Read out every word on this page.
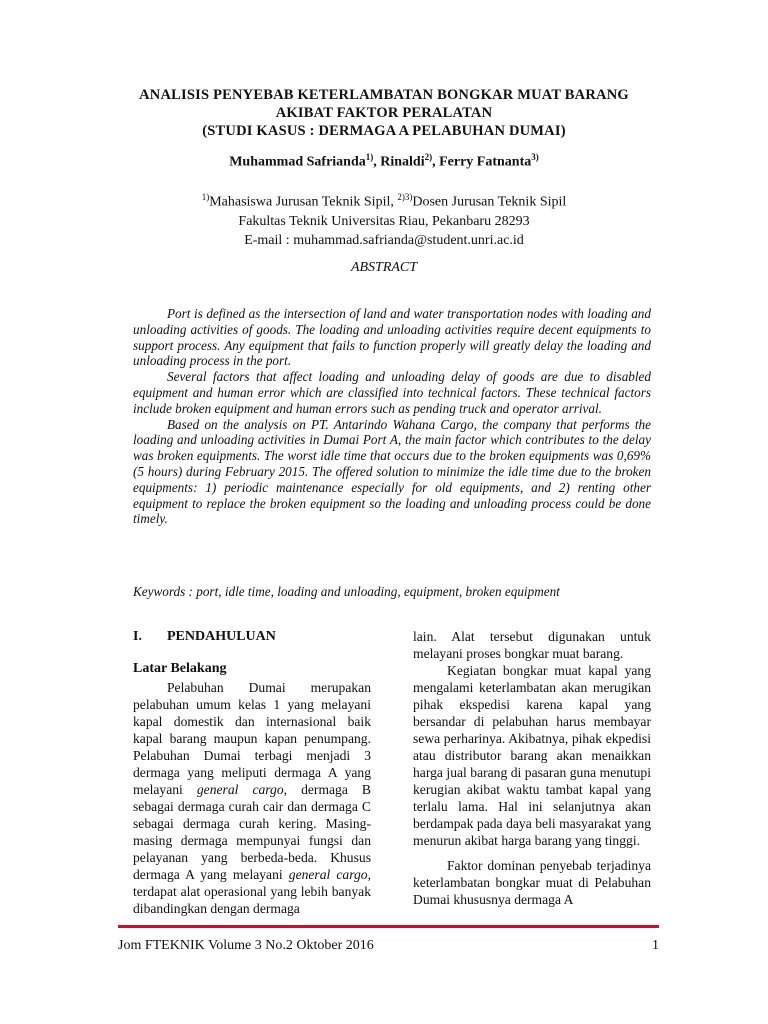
ANALISIS PENYEBAB KETERLAMBATAN BONGKAR MUAT BARANG
AKIBAT FAKTOR PERALATAN
(STUDI KASUS : DERMAGA A PELABUHAN DUMAI)
Muhammad Safrianda$^{1)}$, Rinaldi$^{2)}$, Ferry Fatnanta$^{3)}$
$^{1)}$Mahasiswa Jurusan Teknik Sipil, $^{2)3)}$Dosen Jurusan Teknik Sipil
Fakultas Teknik Universitas Riau, Pekanbaru 28293
E-mail : muhammad.safrianda@student.unri.ac.id
ABSTRACT

Port is defined as the intersection of land and water transportation nodes with loading and unloading activities of goods. The loading and unloading activities require decent equipments to support process. Any equipment that fails to function properly will greatly delay the loading and unloading process in the port.

Several factors that affect loading and unloading delay of goods are due to disabled equipment and human error which are classified into technical factors. These technical factors include broken equipment and human errors such as pending truck and operator arrival.

Based on the analysis on PT. Antarindo Wahana Cargo, the company that performs the loading and unloading activities in Dumai Port A, the main factor which contributes to the delay was broken equipments. The worst idle time that occurs due to the broken equipments was 0,69% (5 hours) during February 2015. The offered solution to minimize the idle time due to the broken equipments: 1) periodic maintenance especially for old equipments, and 2) renting other equipment to replace the broken equipment so the loading and unloading process could be done timely.

Keywords : port, idle time, loading and unloading, equipment, broken equipment
I.	PENDAHULUAN
Latar Belakang

Pelabuhan Dumai merupakan pelabuhan umum kelas 1 yang melayani kapal domestik dan internasional baik kapal barang maupun kapan penumpang. Pelabuhan Dumai terbagi menjadi 3 dermaga yang meliputi dermaga A yang melayani general cargo, dermaga B sebagai dermaga curah cair dan dermaga C sebagai dermaga curah kering. Masing-masing dermaga mempunyai fungsi dan pelayanan yang berbeda-beda. Khusus dermaga A yang melayani general cargo, terdapat alat operasional yang lebih banyak dibandingkan dengan dermaga

lain. Alat tersebut digunakan untuk melayani proses bongkar muat barang.

Kegiatan bongkar muat kapal yang mengalami keterlambatan akan merugikan pihak ekspedisi karena kapal yang bersandar di pelabuhan harus membayar sewa perharinya. Akibatnya, pihak ekpedisi atau distributor barang akan menaikkan harga jual barang di pasaran guna menutupi kerugian akibat waktu tambat kapal yang terlalu lama. Hal ini selanjutnya akan berdampak pada daya beli masyarakat yang menurun akibat harga barang yang tinggi.

Faktor dominan penyebab terjadinya keterlambatan bongkar muat di Pelabuhan Dumai khususnya dermaga A

Jom FTEKNIK Volume 3 No.2 Oktober 2016	1
